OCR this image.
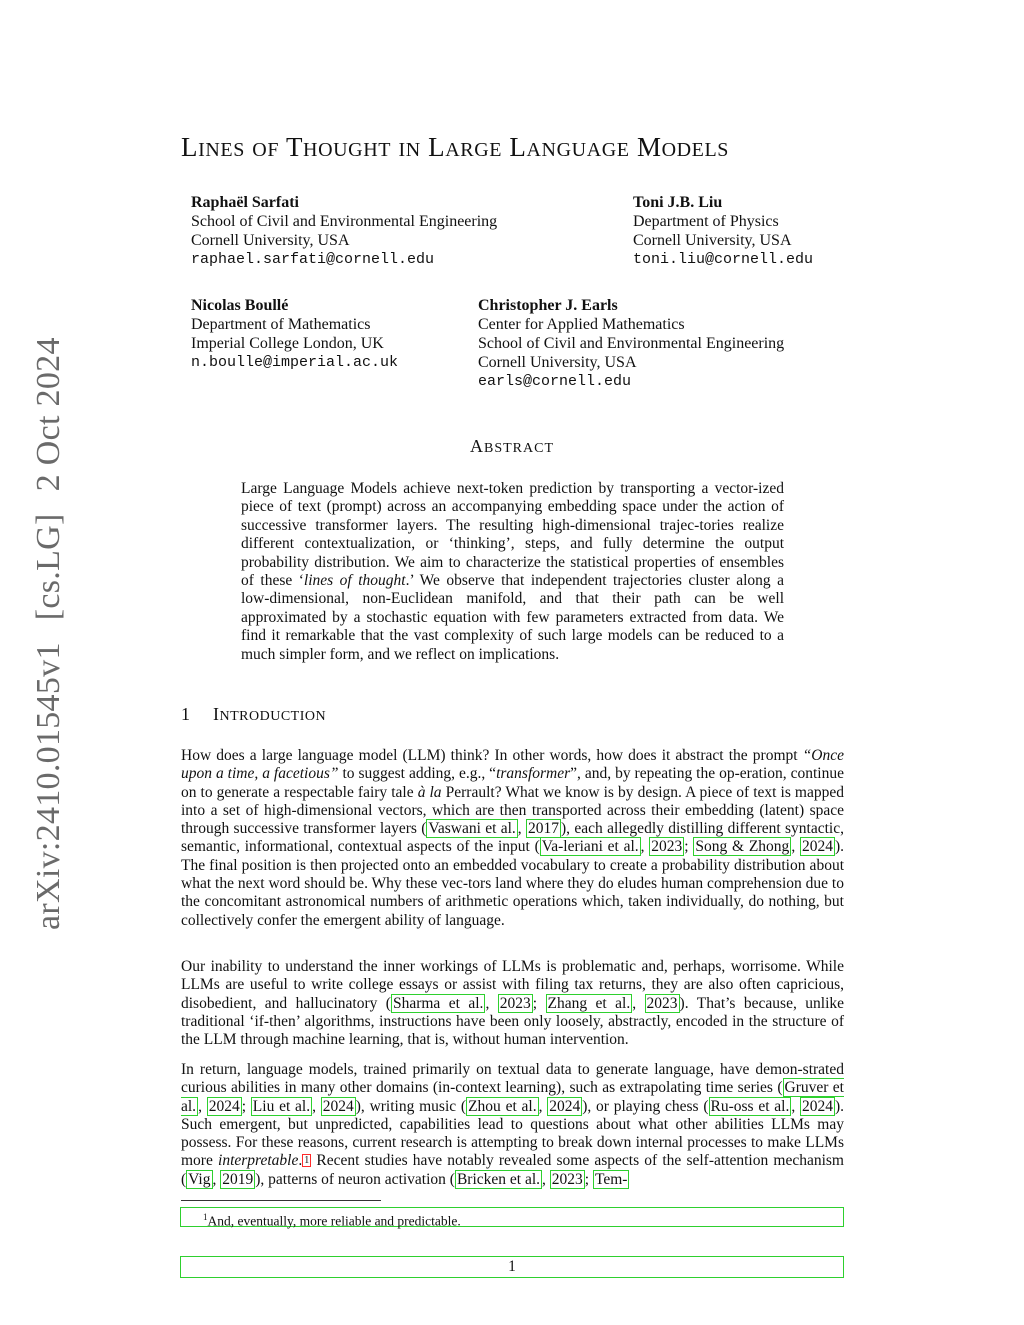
arXiv:2410.01545v1
[cs.LG]
2 Oct 2024
LINES OF THOUGHT IN LARGE LANGUAGE MODELS
Raphaël Sarfati
School of Civil and Environmental Engineering
Cornell University, USA
raphael.sarfati@cornell.edu
Toni J.B. Liu
Department of Physics
Cornell University, USA
toni.liu@cornell.edu
Nicolas Boullé
Department of Mathematics
Imperial College London, UK
n.boulle@imperial.ac.uk
Christopher J. Earls
Center for Applied Mathematics
School of Civil and Environmental Engineering
Cornell University, USA
earls@cornell.edu
ABSTRACT
Large Language Models achieve next-token prediction by transporting a vector-ized piece of text (prompt) across an accompanying embedding space under the action of successive transformer layers. The resulting high-dimensional trajec-tories realize different contextualization, or ‘thinking’, steps, and fully determine the output probability distribution. We aim to characterize the statistical properties of ensembles of these ‘lines of thought.’ We observe that independent trajectories cluster along a low-dimensional, non-Euclidean manifold, and that their path can be well approximated by a stochastic equation with few parameters extracted from data. We find it remarkable that the vast complexity of such large models can be reduced to a much simpler form, and we reflect on implications.
1 INTRODUCTION
How does a large language model (LLM) think? In other words, how does it abstract the prompt “Once upon a time, a facetious” to suggest adding, e.g., “transformer”, and, by repeating the op-eration, continue on to generate a respectable fairy tale à la Perrault? What we know is by design. A piece of text is mapped into a set of high-dimensional vectors, which are then transported across their embedding (latent) space through successive transformer layers ( Vaswani et al. , 2017 ), each allegedly distilling different syntactic, semantic, informational, contextual aspects of the input ( Va-leriani et al. , 2023 ; Song & Zhong , 2024 ). The final position is then projected onto an embedded vocabulary to create a probability distribution about what the next word should be. Why these vec-tors land where they do eludes human comprehension due to the concomitant astronomical numbers of arithmetic operations which, taken individually, do nothing, but collectively confer the emergent ability of language.
Our inability to understand the inner workings of LLMs is problematic and, perhaps, worrisome. While LLMs are useful to write college essays or assist with filing tax returns, they are also often capricious, disobedient, and hallucinatory ( Sharma et al. , 2023 ; Zhang et al. , 2023 ). That’s because, unlike traditional ‘if-then’ algorithms, instructions have been only loosely, abstractly, encoded in the structure of the LLM through machine learning, that is, without human intervention.
In return, language models, trained primarily on textual data to generate language, have demon-strated curious abilities in many other domains (in-context learning), such as extrapolating time series ( Gruver et al. , 2024 ; Liu et al. , 2024 ), writing music ( Zhou et al. , 2024 ), or playing chess ( Ru-oss et al. , 2024 ). Such emergent, but unpredicted, capabilities lead to questions about what other abilities LLMs may possess. For these reasons, current research is attempting to break down internal processes to make LLMs more interpretable. $^1$ Recent studies have notably revealed some aspects of the self-attention mechanism ( Vig , 2019 ), patterns of neuron activation ( Bricken et al. , 2023 ; Tem-
$^1$And, eventually, more reliable and predictable.
1
